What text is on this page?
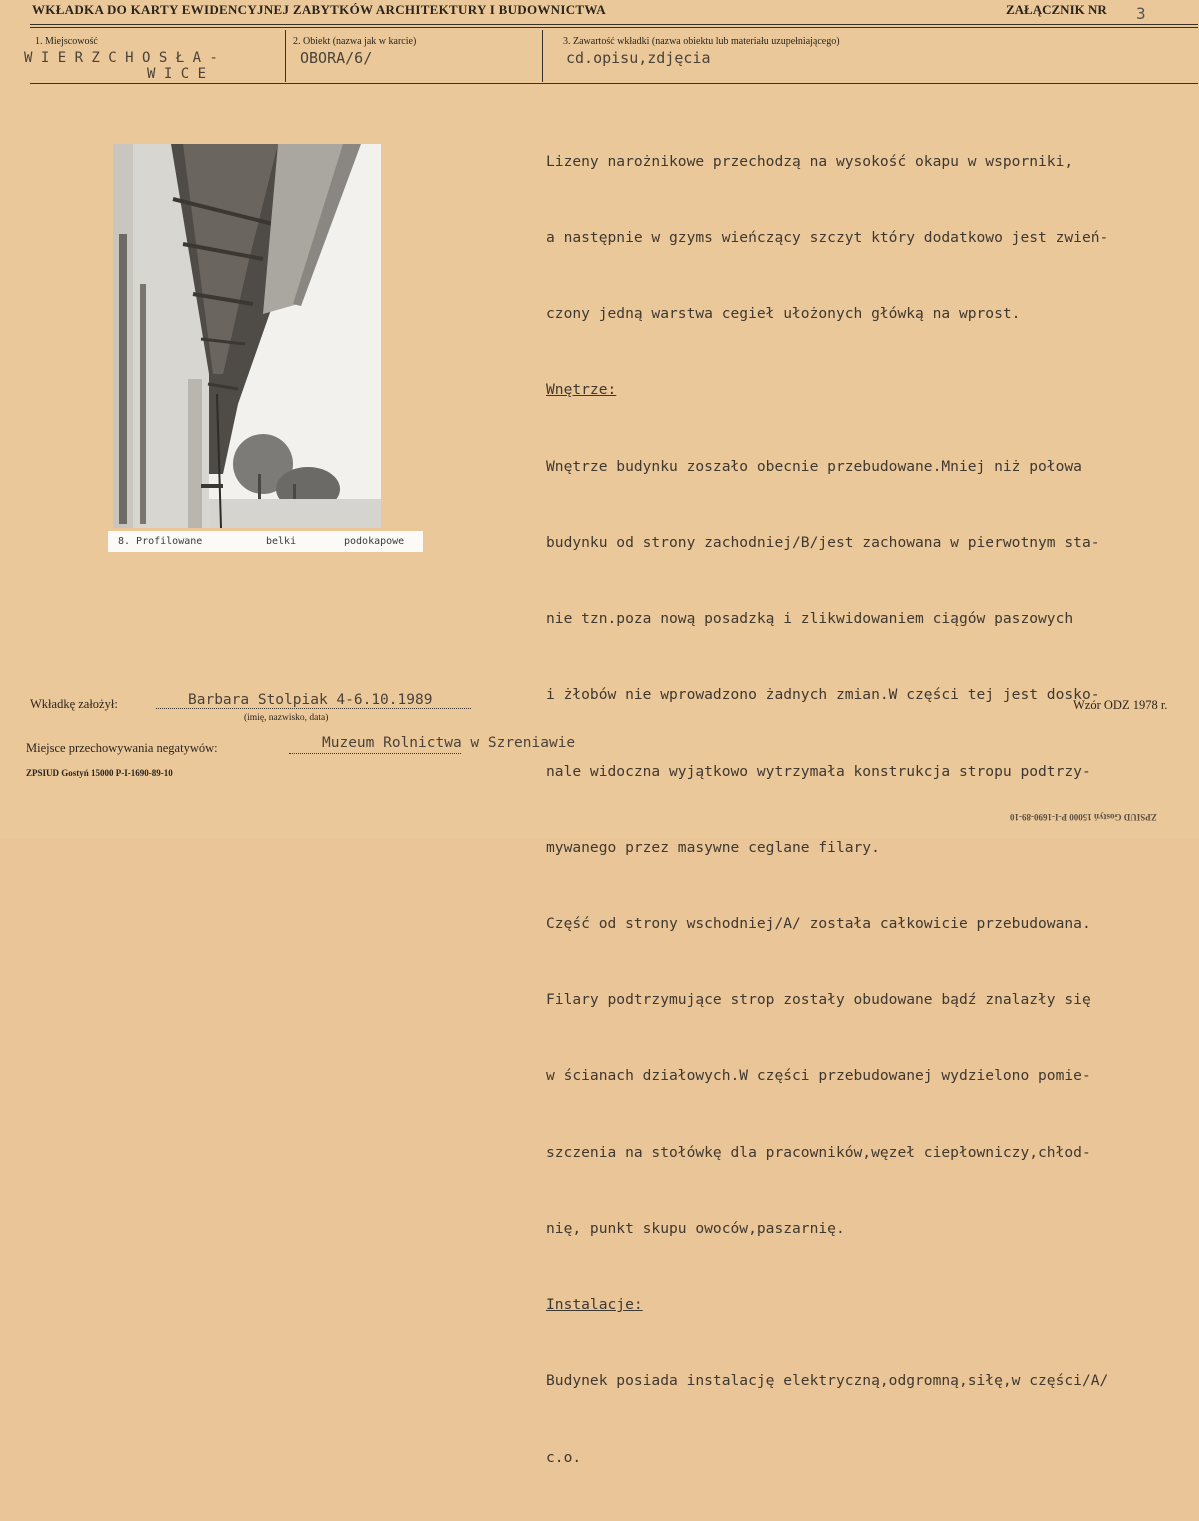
WKŁADKA DO KARTY EWIDENCYJNEJ ZABYTKÓW ARCHITEKTURY I BUDOWNICTWA	ZAŁĄCZNIK NR 3
1. Miejscowość
W I E R Z C H O S Ł A -
W I C E
2. Obiekt (nazwa jak w karcie)
OBORA/6/
3. Zawartość wkładki (nazwa obiektu lub materiału uzupełniającego)
cd.opisu,zdjęcia

Lizeny narożnikowe przechodzą na wysokość okapu w wsporniki,

a następnie w gzyms wieńczący szczyt który dodatkowo jest zwień-

czony jedną warstwa cegieł ułożonych główką na wprost.

Wnętrze:

Wnętrze budynku zoszało obecnie przebudowane.Mniej niż połowa

budynku od strony zachodniej/B/jest zachowana w pierwotnym sta-

nie tzn.poza nową posadzką i zlikwidowaniem ciągów paszowych

i żłobów nie wprowadzono żadnych zmian.W części tej jest dosko-

nale widoczna wyjątkowo wytrzymała konstrukcja stropu podtrzy-

mywanego przez masywne ceglane filary.

Część od strony wschodniej/A/ została całkowicie przebudowana.

Filary podtrzymujące strop zostały obudowane bądź znalazły się

w ścianach działowych.W części przebudowanej wydzielono pomie-

szczenia na stołówkę dla pracowników,węzeł ciepłowniczy,chłod-

nię, punkt skupu owoców,paszarnię.

Instalacje:

Budynek posiada instalację elektryczną,odgromną,siłę,w części/A/

c.o.

8. Profilowane	belki	podokapowe
Wkładkę założył:	Barbara Stolpiak 4-6.10.1989
(imię, nazwisko, data)
Wzór ODZ 1978 r.
Miejsce przechowywania negatywów:	Muzeum Rolnictwa w Szreniawie
ZPSIUD Gostyń 15000 P-I-1690-89-10
ZPSIUD Gostyń 15000 P-I-1690-89-10
